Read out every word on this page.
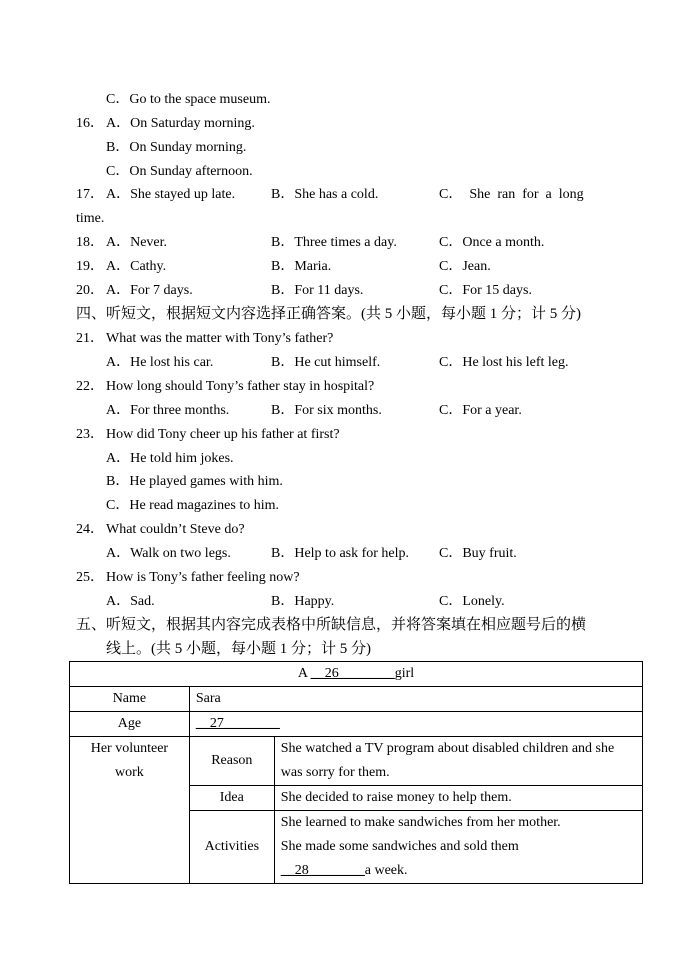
C．Go to the space museum.
16． A．On Saturday morning.
B．On Sunday morning.
C．On Sunday afternoon.
17． A．She stayed up late.	B．She has a cold.	C．  She  ran  for  a  long
time.
18． A．Never.	B．Three times a day.	C．Once a month.
19． A．Cathy.	B．Maria.	C．Jean.
20． A．For 7 days.	B．For 11 days.	C．For 15 days.
四、听短文，根据短文内容选择正确答案。(共 5 小题，每小题 1 分；计 5 分)
21． What was the matter with Tony’s father?
A．He lost his car.	B．He cut himself.	C．He lost his left leg.
22． How long should Tony’s father stay in hospital?
A．For three months.	B．For six months.	C．For a year.
23． How did Tony cheer up his father at first?
A．He told him jokes.
B．He played games with him.
C．He read magazines to him.
24． What couldn’t Steve do?
A．Walk on two legs.	B．Help to ask for help. C．Buy fruit.
25． How is Tony’s father feeling now?
A．Sad.	B．Happy.	C．Lonely.
五、听短文，根据其内容完成表格中所缺信息，并将答案填在相应题号后的横
线上。(共 5 小题，每小题 1 分；计 5 分)
A __26________girl		
Name	Sara	
Age	__27________	
Her volunteer work	Reason	She watched a TV program about disabled children and she was sorry for them.
	Idea	She decided to raise money to help them.
	Activities	She learned to make sandwiches from her mother.
She made some sandwiches and sold them
__28________a week.
